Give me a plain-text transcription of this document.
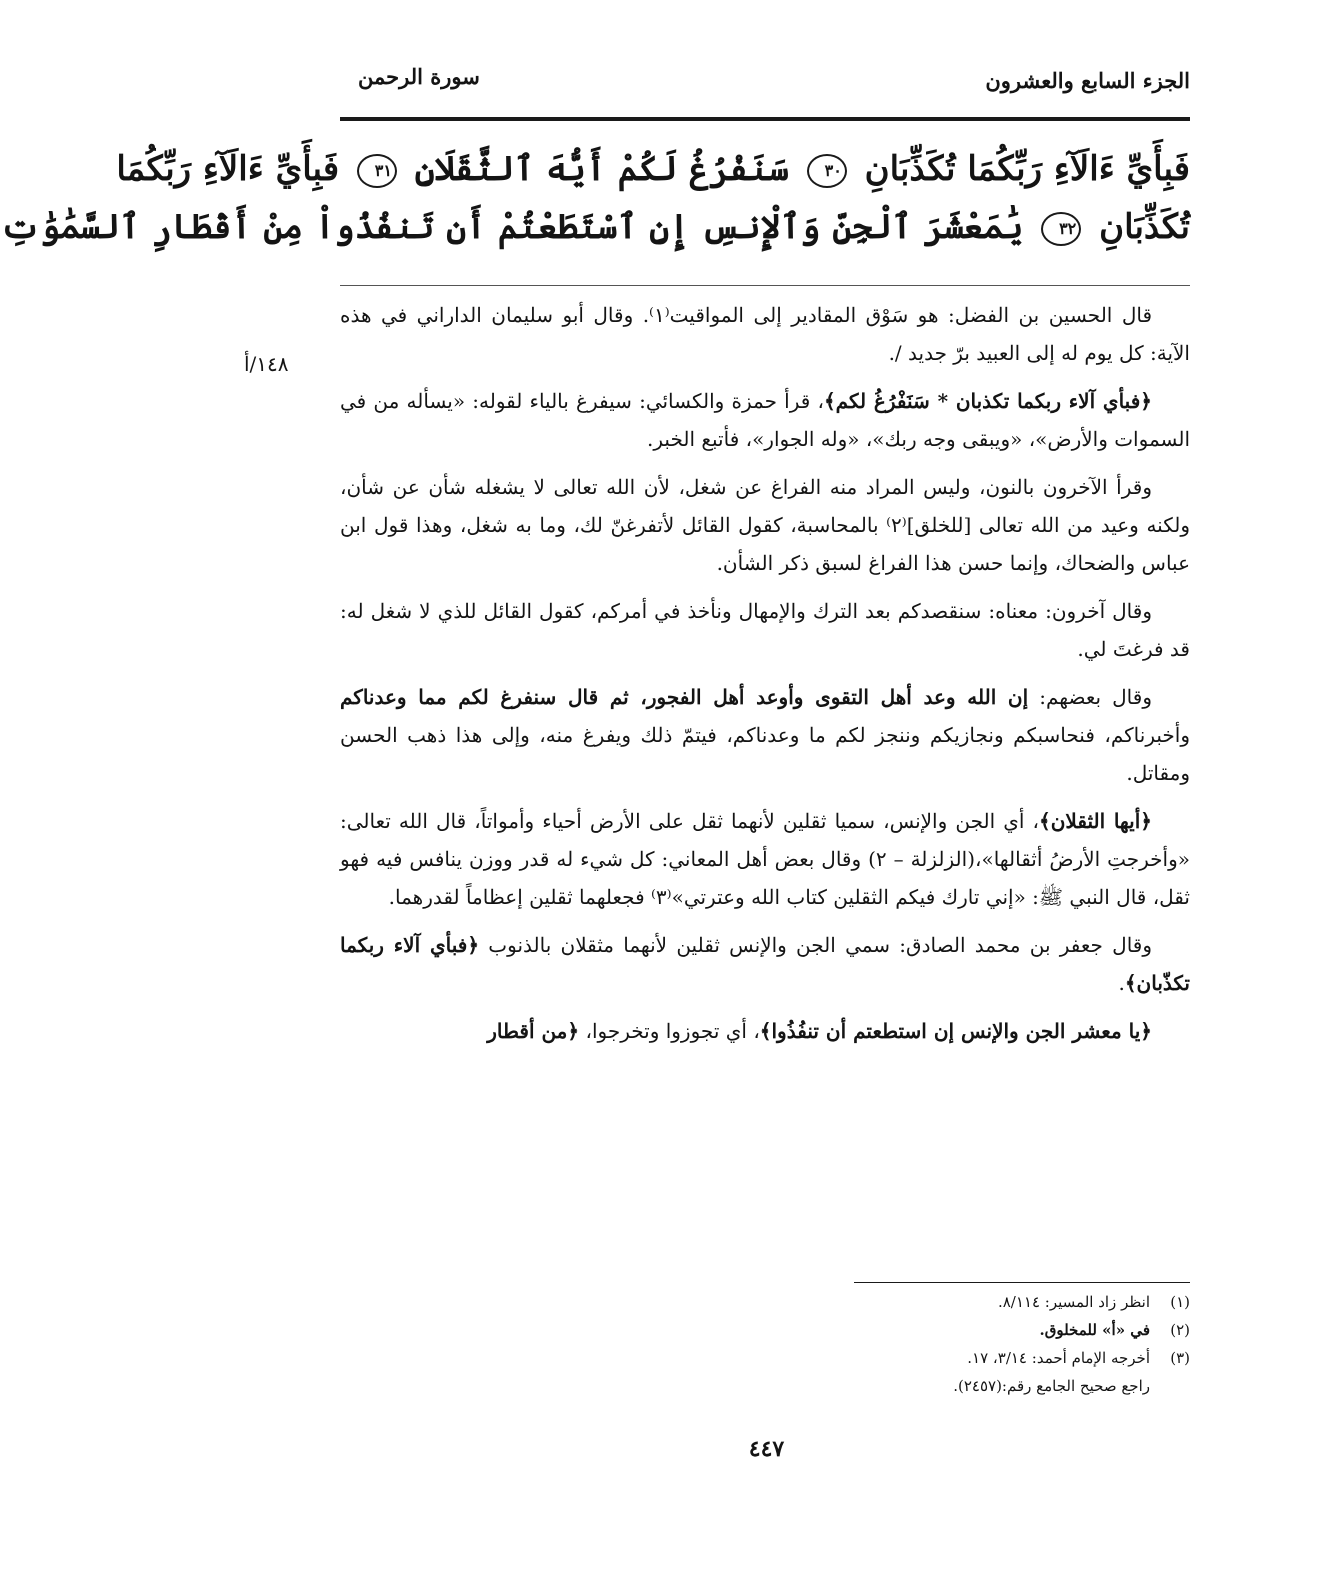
الجزء السابع والعشرون
سورة الرحمن
فَبِأَيِّ ءَالَآءِ رَبِّكُمَا تُكَذِّبَانِ ٣٠ سَنَفْرُغُ لَكُمْ أَيُّهَ ٱلثَّقَلَانِ ٣١ فَبِأَيِّ ءَالَآءِ رَبِّكُمَا
تُكَذِّبَانِ ٣٢ يَٰمَعْشَرَ ٱلْجِنِّ وَٱلْإِنسِ إِنِ ٱسْتَطَعْتُمْ أَن تَنفُذُواْ مِنْ أَقْطَارِ ٱلسَّمَٰوَٰتِ
١٤٨/أ

قال الحسين بن الفضل: هو سَوْق المقادير إلى المواقيت⁽١⁾. وقال أبو سليمان الداراني في هذه الآية: كل يوم له إلى العبيد برّ جديد /.

﴿فبأي آلاء ربكما تكذبان * سَنَفْرُغُ لكم﴾، قرأ حمزة والكسائي: سيفرغ بالياء لقوله: «يسأله من في السموات والأرض»، «ويبقى وجه ربك»، «وله الجوار»، فأتبع الخبر.

وقرأ الآخرون بالنون، وليس المراد منه الفراغ عن شغل، لأن الله تعالى لا يشغله شأن عن شأن، ولكنه وعيد من الله تعالى [للخلق]⁽٢⁾ بالمحاسبة، كقول القائل لأتفرغنّ لك، وما به شغل، وهذا قول ابن عباس والضحاك، وإنما حسن هذا الفراغ لسبق ذكر الشأن.

وقال آخرون: معناه: سنقصدكم بعد الترك والإمهال ونأخذ في أمركم، كقول القائل للذي لا شغل له: قد فرغتَ لي.

وقال بعضهم: إن الله وعد أهل التقوى وأوعد أهل الفجور، ثم قال سنفرغ لكم مما وعدناكم وأخبرناكم، فنحاسبكم ونجازيكم وننجز لكم ما وعدناكم، فيتمّ ذلك ويفرغ منه، وإلى هذا ذهب الحسن ومقاتل.

﴿أيها الثقلان﴾، أي الجن والإنس، سميا ثقلين لأنهما ثقل على الأرض أحياء وأمواتاً، قال الله تعالى: «وأخرجتِ الأرضُ أثقالها»،(الزلزلة – ٢) وقال بعض أهل المعاني: كل شيء له قدر ووزن ينافس فيه فهو ثقل، قال النبي ﷺ: «إني تارك فيكم الثقلين كتاب الله وعترتي»⁽٣⁾ فجعلهما ثقلين إعظاماً لقدرهما.

وقال جعفر بن محمد الصادق: سمي الجن والإنس ثقلين لأنهما مثقلان بالذنوب ﴿فبأي آلاء ربكما تكذّبان﴾.

﴿يا معشر الجن والإنس إن استطعتم أن تنفُذُوا﴾، أي تجوزوا وتخرجوا، ﴿من أقطار

(١)انظر زاد المسير: ٨/١١٤.
(٢)في «أ» للمخلوق.
(٣)أخرجه الإمام أحمد: ٣/١٤، ١٧.
راجع صحيح الجامع رقم:(٢٤٥٧).
٤٤٧
